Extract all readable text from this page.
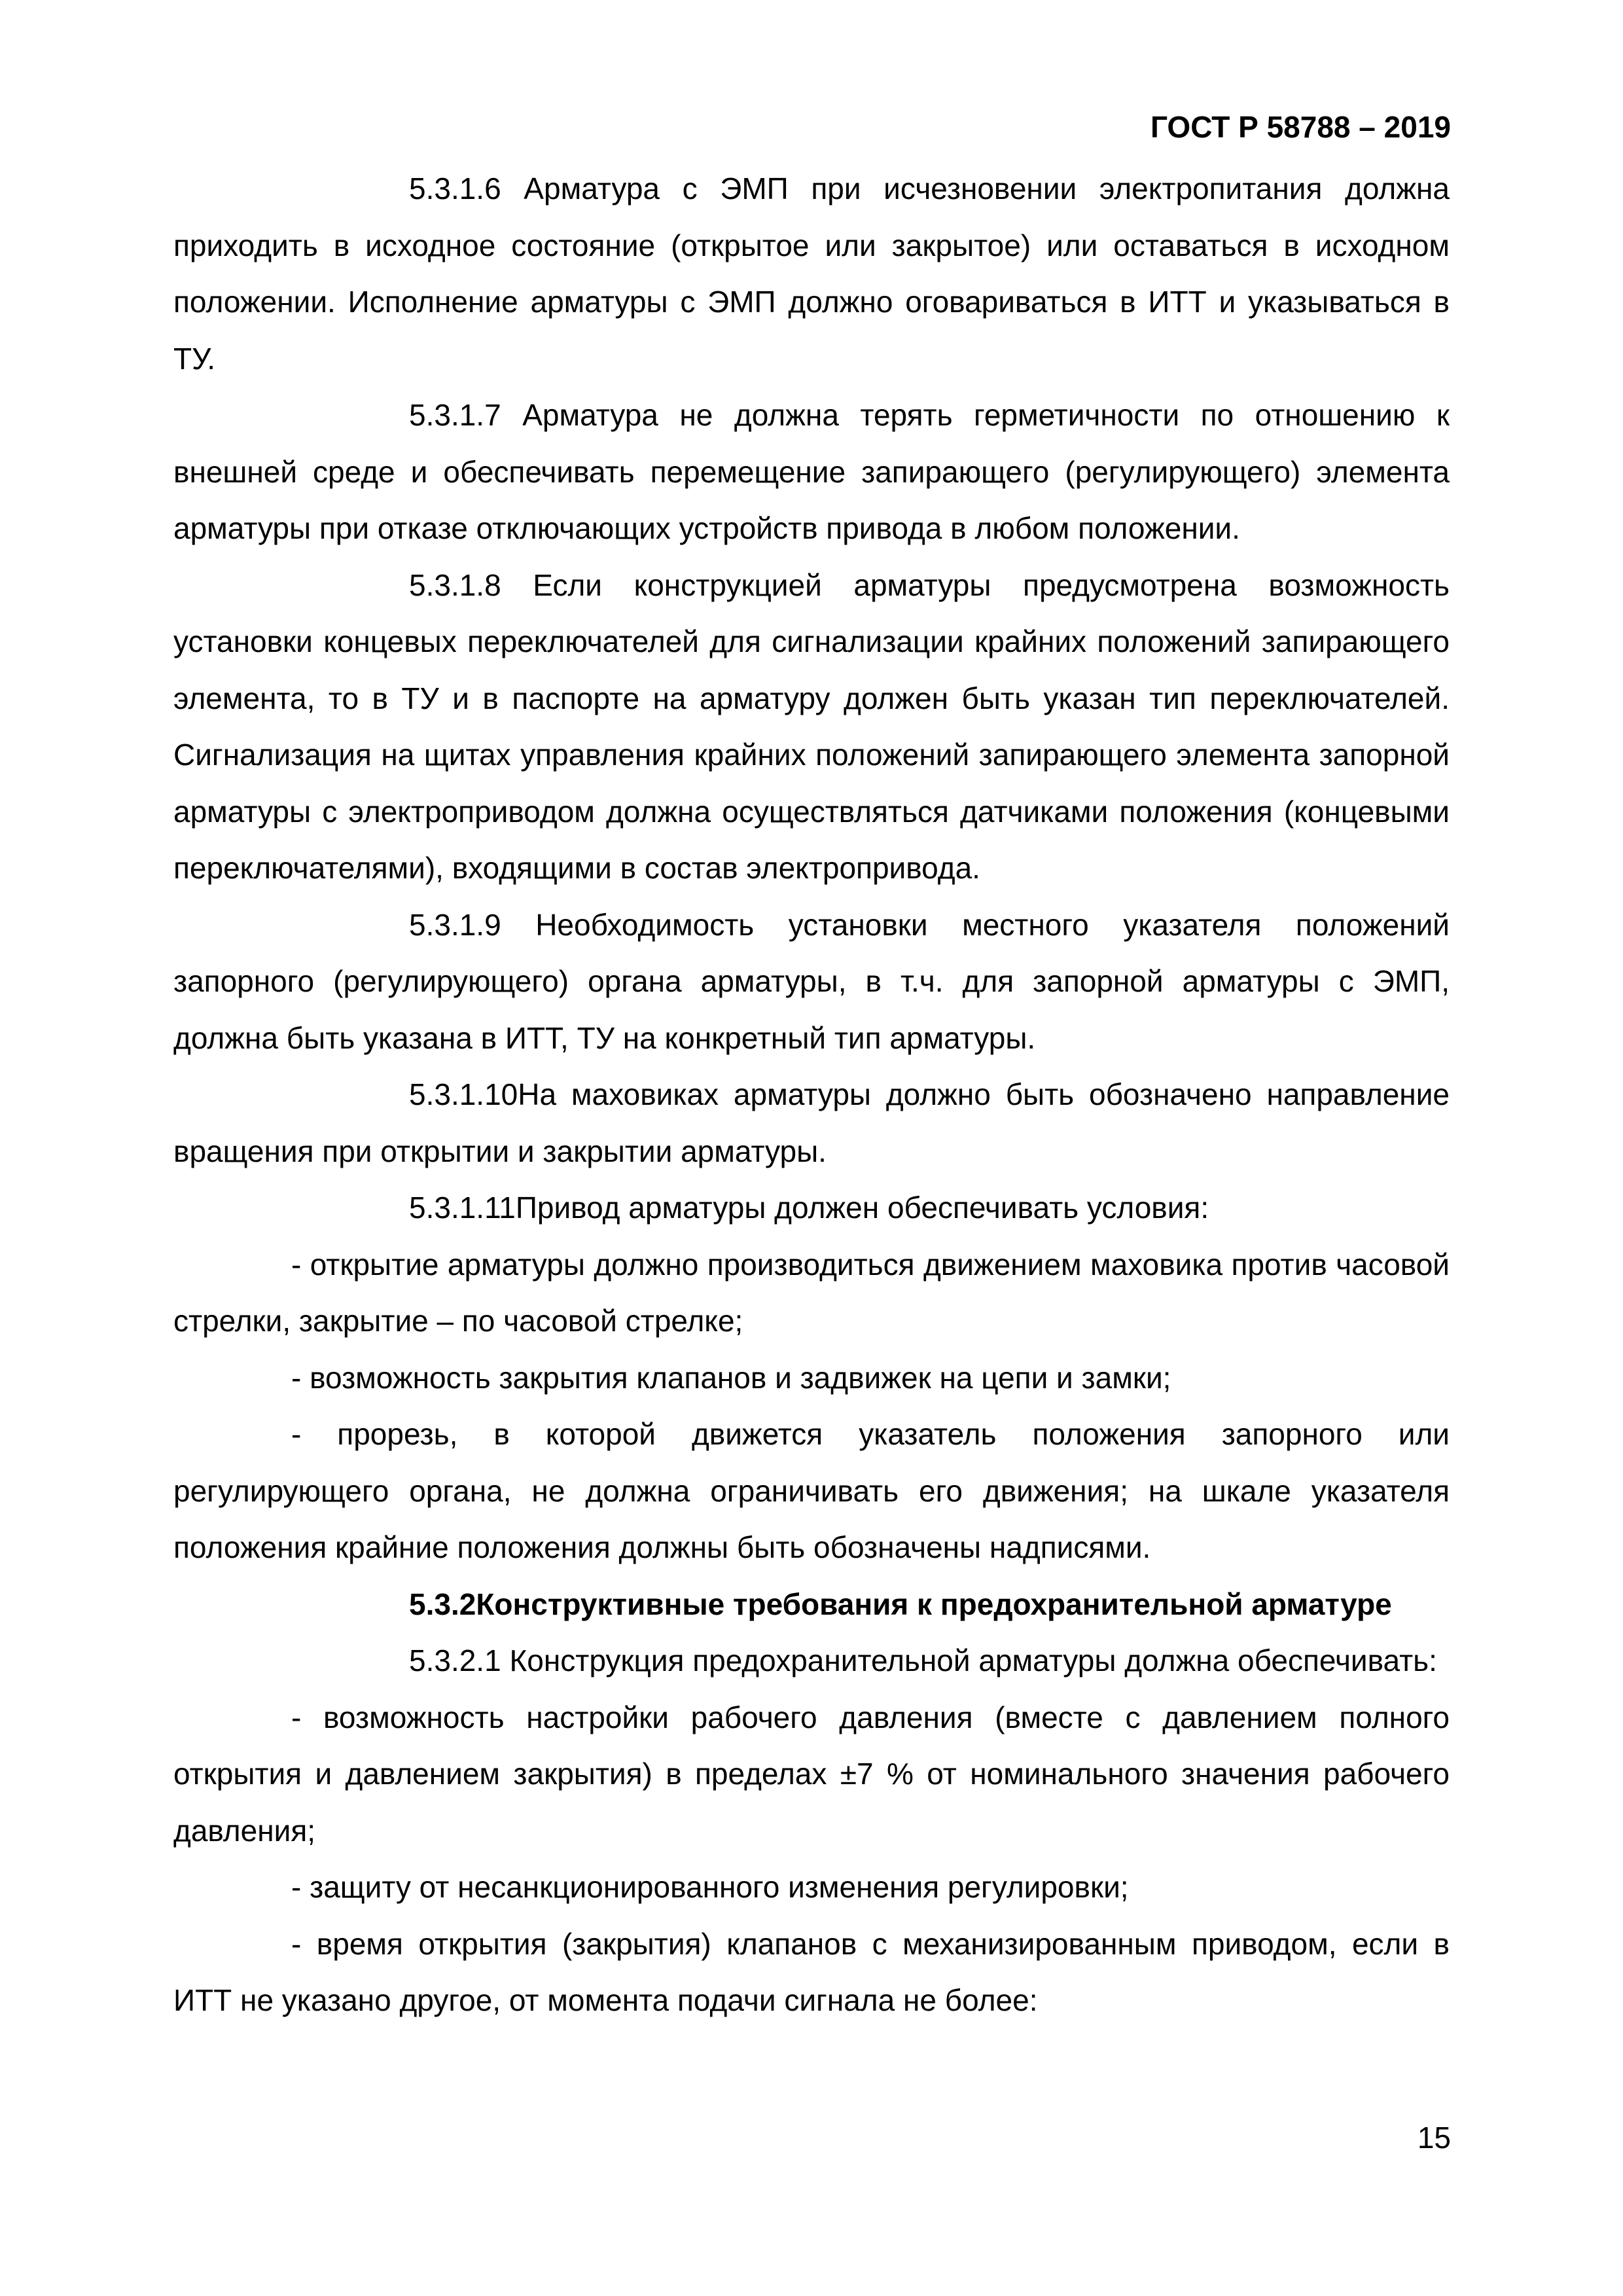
ГОСТ Р 58788 – 2019

5.3.1.6 Арматура с ЭМП при исчезновении электропитания должна приходить в исходное состояние (открытое или закрытое) или оставаться в исходном положении. Исполнение арматуры с ЭМП должно оговариваться в ИТТ и указываться в ТУ.

5.3.1.7 Арматура не должна терять герметичности по отношению к внешней среде и обеспечивать перемещение запирающего (регулирующего) элемента арматуры при отказе отключающих устройств привода в любом положении.

5.3.1.8 Если конструкцией арматуры предусмотрена возможность установки концевых переключателей для сигнализации крайних положений запирающего элемента, то в ТУ и в паспорте на арматуру должен быть указан тип переключателей. Сигнализация на щитах управления крайних положений запирающего элемента запорной арматуры с электроприводом должна осуществляться датчиками положения (концевыми переключателями), входящими в состав электропривода.

5.3.1.9 Необходимость установки местного указателя положений запорного (регулирующего) органа арматуры, в т.ч. для запорной арматуры с ЭМП, должна быть указана в ИТТ, ТУ на конкретный тип арматуры.

5.3.1.10На маховиках арматуры должно быть обозначено направление вращения при открытии и закрытии арматуры.

5.3.1.11Привод арматуры должен обеспечивать условия:

- открытие арматуры должно производиться движением маховика против часовой стрелки, закрытие – по часовой стрелке;

- возможность закрытия клапанов и задвижек на цепи и замки;

- прорезь, в которой движется указатель положения запорного или регулирующего органа, не должна ограничивать его движения; на шкале указателя положения крайние положения должны быть обозначены надписями.

5.3.2Конструктивные требования к предохранительной арматуре

5.3.2.1 Конструкция предохранительной арматуры должна обеспечивать:

- возможность настройки рабочего давления (вместе с давлением полного открытия и давлением закрытия) в пределах ±7 % от номинального значения рабочего давления;

- защиту от несанкционированного изменения регулировки;

- время открытия (закрытия) клапанов с механизированным приводом, если в ИТТ не указано другое, от момента подачи сигнала не более:

15
